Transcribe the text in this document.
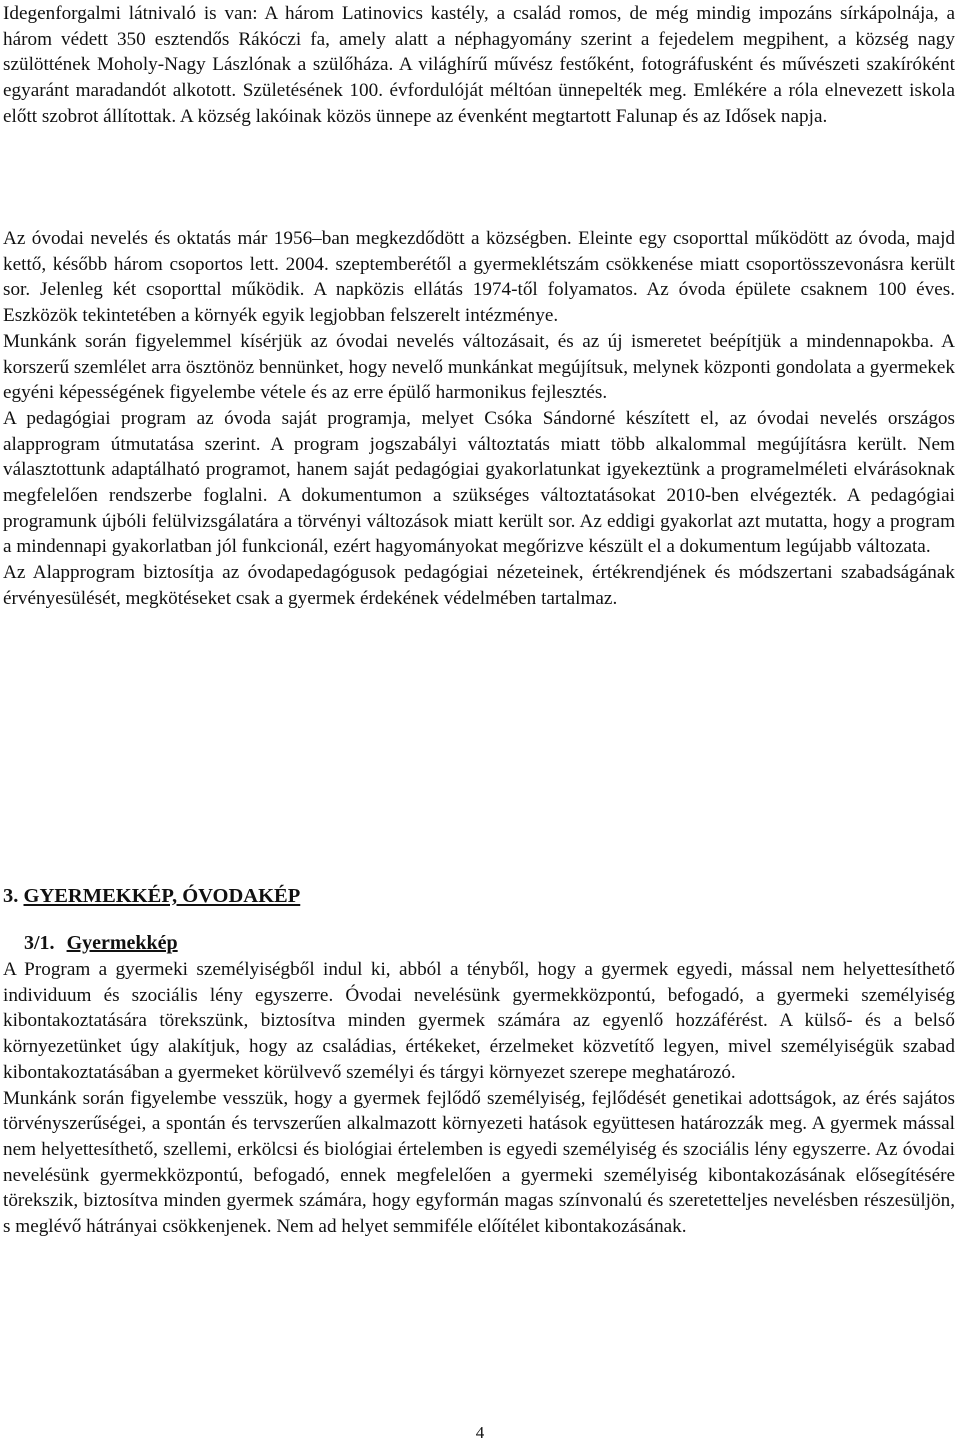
Idegenforgalmi látnivaló is van: A három Latinovics kastély, a család romos, de még mindig impozáns sírkápolnája, a három védett 350 esztendős Rákóczi fa, amely alatt a néphagyomány szerint a fejedelem megpihent, a község nagy szülöttének Moholy-Nagy Lászlónak a szülőháza. A világhírű művész festőként, fotográfusként és művészeti szakíróként egyaránt maradandót alkotott. Születésének 100. évfordulóját méltóan ünnepelték meg. Emlékére a róla elnevezett iskola előtt szobrot állítottak. A község lakóinak közös ünnepe az évenként megtartott Falunap és az Idősek napja.

Az óvodai nevelés és oktatás már 1956–ban megkezdődött a községben. Eleinte egy csoporttal működött az óvoda, majd kettő, később három csoportos lett. 2004. szeptemberétől a gyermeklétszám csökkenése miatt csoportösszevonásra került sor. Jelenleg két csoporttal működik. A napközis ellátás 1974-től folyamatos. Az óvoda épülete csaknem 100 éves. Eszközök tekintetében a környék egyik legjobban felszerelt intézménye.

Munkánk során figyelemmel kísérjük az óvodai nevelés változásait, és az új ismeretet beépítjük a mindennapokba. A korszerű szemlélet arra ösztönöz bennünket, hogy nevelő munkánkat megújítsuk, melynek központi gondolata a gyermekek egyéni képességének figyelembe vétele és az erre épülő harmonikus fejlesztés.

A pedagógiai program az óvoda saját programja, melyet Csóka Sándorné készített el, az óvodai nevelés országos alapprogram útmutatása szerint. A program jogszabályi változtatás miatt több alkalommal megújításra került. Nem választottunk adaptálható programot, hanem saját pedagógiai gyakorlatunkat igyekeztünk a programelméleti elvárásoknak megfelelően rendszerbe foglalni. A dokumentumon a szükséges változtatásokat 2010-ben elvégezték. A pedagógiai programunk újbóli felülvizsgálatára a törvényi változások miatt került sor. Az eddigi gyakorlat azt mutatta, hogy a program a mindennapi gyakorlatban jól funkcionál, ezért hagyományokat megőrizve készült el a dokumentum legújabb változata.

Az Alapprogram biztosítja az óvodapedagógusok pedagógiai nézeteinek, értékrendjének és módszertani szabadságának érvényesülését, megkötéseket csak a gyermek érdekének védelmében tartalmaz.

3. GYERMEKKÉP, ÓVODAKÉP
3/1. Gyermekkép

A Program a gyermeki személyiségből indul ki, abból a tényből, hogy a gyermek egyedi, mással nem helyettesíthető individuum és szociális lény egyszerre. Óvodai nevelésünk gyermekközpontú, befogadó, a gyermeki személyiség kibontakoztatására törekszünk, biztosítva minden gyermek számára az egyenlő hozzáférést. A külső- és a belső környezetünket úgy alakítjuk, hogy az családias, értékeket, érzelmeket közvetítő legyen, mivel személyiségük szabad kibontakoztatásában a gyermeket körülvevő személyi és tárgyi környezet szerepe meghatározó.

Munkánk során figyelembe vesszük, hogy a gyermek fejlődő személyiség, fejlődését genetikai adottságok, az érés sajátos törvényszerűségei, a spontán és tervszerűen alkalmazott környezeti hatások együttesen határozzák meg. A gyermek mással nem helyettesíthető, szellemi, erkölcsi és biológiai értelemben is egyedi személyiség és szociális lény egyszerre. Az óvodai nevelésünk gyermekközpontú, befogadó, ennek megfelelően a gyermeki személyiség kibontakozásának elősegítésére törekszik, biztosítva minden gyermek számára, hogy egyformán magas színvonalú és szeretetteljes nevelésben részesüljön, s meglévő hátrányai csökkenjenek. Nem ad helyet semmiféle előítélet kibontakozásának.

4
